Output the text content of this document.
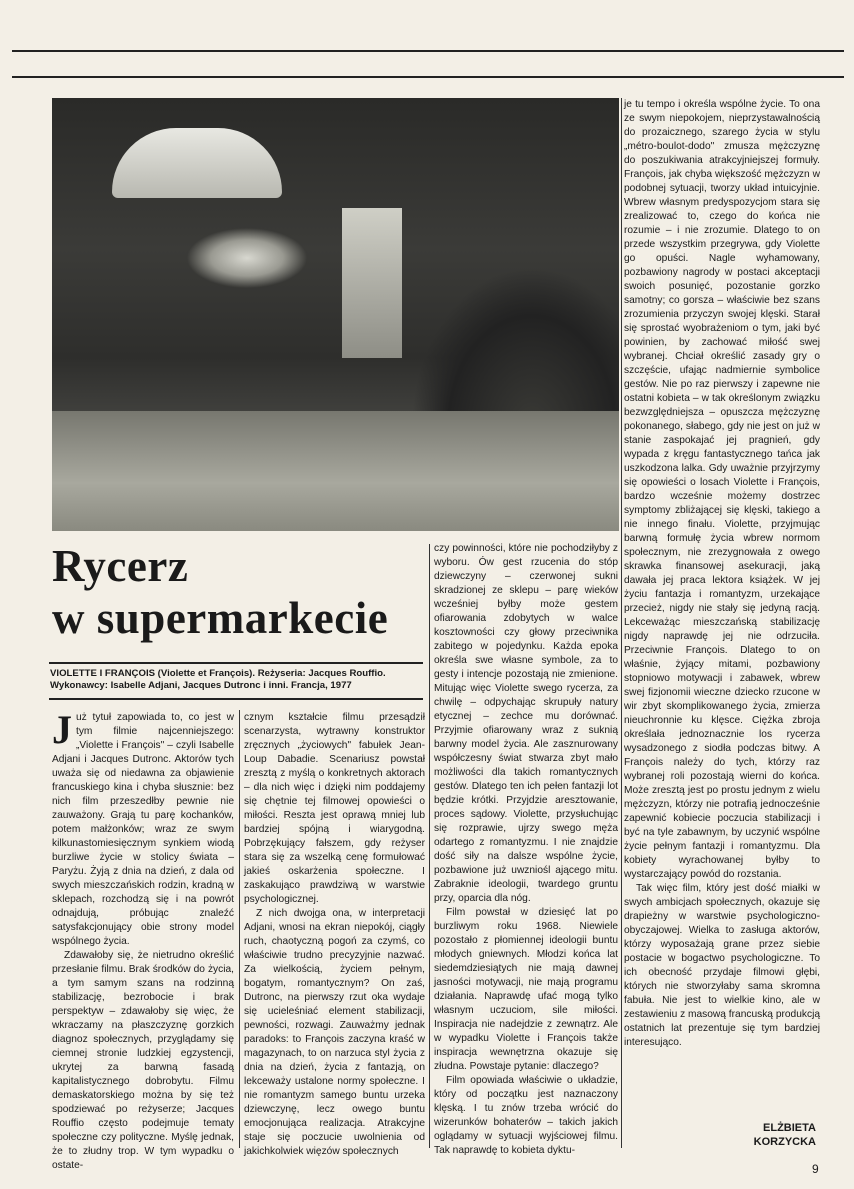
Rycerz
w supermarkecie
VIOLETTE I FRANÇOIS (Violette et François). Reżyseria: Jacques Rouffio. Wykonawcy: Isabelle Adjani, Jacques Dutronc i inni. Francja, 1977

Już tytuł zapowiada to, co jest w tym filmie najcenniejszego: „Violette i François" – czyli Isabelle Adjani i Jacques Dutronc. Aktorów tych uważa się od niedawna za objawienie francuskiego kina i chyba słusznie: bez nich film przeszedłby pewnie nie zauważony. Grają tu parę kochanków, potem małżonków; wraz ze swym kilkunastomiesięcznym synkiem wiodą burzliwe życie w stolicy świata – Paryżu. Żyją z dnia na dzień, z dala od swych mieszczańskich rodzin, kradną w sklepach, rozchodzą się i na powrót odnajdują, próbując znaleźć satysfakcjonujący obie strony model wspólnego życia.

Zdawałoby się, że nietrudno określić przesłanie filmu. Brak środków do życia, a tym samym szans na rodzinną stabilizację, bezrobocie i brak perspektyw – zdawałoby się więc, że wkraczamy na płaszczyznę gorzkich diagnoz społecznych, przyglądamy się ciemnej stronie ludzkiej egzystencji, ukrytej za barwną fasadą kapitalistycznego dobrobytu. Filmu demaskatorskiego można by się też spodziewać po reżyserze; Jacques Rouffio często podejmuje tematy społeczne czy polityczne. Myślę jednak, że to złudny trop. W tym wypadku o ostate-

cznym kształcie filmu przesądził scenarzysta, wytrawny konstruktor zręcznych „życiowych" fabułek Jean-Loup Dabadie. Scenariusz powstał zresztą z myślą o konkretnych aktorach – dla nich więc i dzięki nim poddajemy się chętnie tej filmowej opowieści o miłości. Reszta jest oprawą mniej lub bardziej spójną i wiarygodną. Pobrzękujący fałszem, gdy reżyser stara się za wszelką cenę formułować jakieś oskarżenia społeczne. I zaskakująco prawdziwą w warstwie psychologicznej.

Z nich dwojga ona, w interpretacji Adjani, wnosi na ekran niepokój, ciągły ruch, chaotyczną pogoń za czymś, co właściwie trudno precyzyjnie nazwać. Za wielkością, życiem pełnym, bogatym, romantycznym? On zaś, Dutronc, na pierwszy rzut oka wydaje się ucieleśniać element stabilizacji, pewności, rozwagi. Zauważmy jednak paradoks: to François zaczyna kraść w magazynach, to on narzuca styl życia z dnia na dzień, życia z fantazją, on lekceważy ustalone normy społeczne. I nie romantyzm samego buntu urzeka dziewczynę, lecz owego buntu emocjonująca realizacja. Atrakcyjne staje się poczucie uwolnienia od jakichkolwiek więzów społecznych

czy powinności, które nie pochodziłyby z wyboru. Ów gest rzucenia do stóp dziewczyny – czerwonej sukni skradzionej ze sklepu – parę wieków wcześniej byłby może gestem ofiarowania zdobytych w walce kosztowności czy głowy przeciwnika zabitego w pojedynku. Każda epoka określa swe własne symbole, za to gesty i intencje pozostają nie zmienione. Mitując więc Violette swego rycerza, za chwilę – odpychając skrupuły natury etycznej – zechce mu dorównać. Przyjmie ofiarowany wraz z suknią barwny model życia. Ale zasznurowany współczesny świat stwarza zbyt mało możliwości dla takich romantycznych gestów. Dlatego ten ich pełen fantazji lot będzie krótki. Przyjdzie aresztowanie, proces sądowy. Violette, przysłuchując się rozprawie, ujrzy swego męża odartego z romantyzmu. I nie znajdzie dość siły na dalsze wspólne życie, pozbawione już uwzniośl ającego mitu. Zabraknie ideologii, twardego gruntu przy, oparcia dla nóg.

Film powstał w dziesięć lat po burzliwym roku 1968. Niewiele pozostało z płomiennej ideologii buntu młodych gniewnych. Młodzi końca lat siedemdziesiątych nie mają dawnej jasności motywacji, nie mają programu działania. Naprawdę ufać mogą tylko własnym uczuciom, sile miłości. Inspiracja nie nadejdzie z zewnątrz. Ale w wypadku Violette i François także inspiracja wewnętrzna okazuje się złudna. Powstaje pytanie: dlaczego?

Film opowiada właściwie o układzie, który od początku jest naznaczony klęską. I tu znów trzeba wrócić do wizerunków bohaterów – takich jakich oglądamy w sytuacji wyjściowej filmu. Tak naprawdę to kobieta dyktu-

je tu tempo i określa wspólne życie. To ona ze swym niepokojem, nieprzystawalnością do prozaicznego, szarego życia w stylu „métro-boulot-dodo" zmusza mężczyznę do poszukiwania atrakcyjniejszej formuły. François, jak chyba większość mężczyzn w podobnej sytuacji, tworzy układ intuicyjnie. Wbrew własnym predyspozycjom stara się zrealizować to, czego do końca nie rozumie – i nie zrozumie. Dlatego to on przede wszystkim przegrywa, gdy Violette go opuści. Nagle wyhamowany, pozbawiony nagrody w postaci akceptacji swoich posunięć, pozostanie gorzko samotny; co gorsza – właściwie bez szans zrozumienia przyczyn swojej klęski. Starał się sprostać wyobrażeniom o tym, jaki być powinien, by zachować miłość swej wybranej. Chciał określić zasady gry o szczęście, ufając nadmiernie symbolice gestów. Nie po raz pierwszy i zapewne nie ostatni kobieta – w tak określonym związku bezwzględniejsza – opuszcza mężczyznę pokonanego, słabego, gdy nie jest on już w stanie zaspokajać jej pragnień, gdy wypada z kręgu fantastycznego tańca jak uszkodzona lalka. Gdy uważnie przyjrzymy się opowieści o losach Violette i François, bardzo wcześnie możemy dostrzec symptomy zbliżającej się klęski, takiego a nie innego finału. Violette, przyjmując barwną formułę życia wbrew normom społecznym, nie zrezygnowała z owego skrawka finansowej asekuracji, jaką dawała jej praca lektora książek. W jej życiu fantazja i romantyzm, urzekające przecież, nigdy nie stały się jedyną racją. Lekceważąc mieszczańską stabilizację nigdy naprawdę jej nie odrzuciła. Przeciwnie François. Dlatego to on właśnie, żyjący mitami, pozbawiony stopniowo motywacji i zabawek, wbrew swej fizjonomii wieczne dziecko rzucone w wir zbyt skomplikowanego życia, zmierza nieuchronnie ku klęsce. Ciężka zbroja określała jednoznacznie los rycerza wysadzonego z siodła podczas bitwy. A François należy do tych, którzy raz wybranej roli pozostają wierni do końca. Może zresztą jest po prostu jednym z wielu mężczyzn, którzy nie potrafią jednocześnie zapewnić kobiecie poczucia stabilizacji i być na tyle zabawnym, by uczynić wspólne życie pełnym fantazji i romantyzmu. Dla kobiety wyrachowanej byłby to wystarczający powód do rozstania.

Tak więc film, który jest dość miałki w swych ambicjach społecznych, okazuje się drapieżny w warstwie psychologiczno-obyczajowej. Wielka to zasługa aktorów, którzy wyposażają grane przez siebie postacie w bogactwo psychologiczne. To ich obecność przydaje filmowi głębi, których nie stworzyłaby sama skromna fabuła. Nie jest to wielkie kino, ale w zestawieniu z masową francuską produkcją ostatnich lat prezentuje się tym bardziej interesująco.

ELŻBIETA
KORZYCKA
9
